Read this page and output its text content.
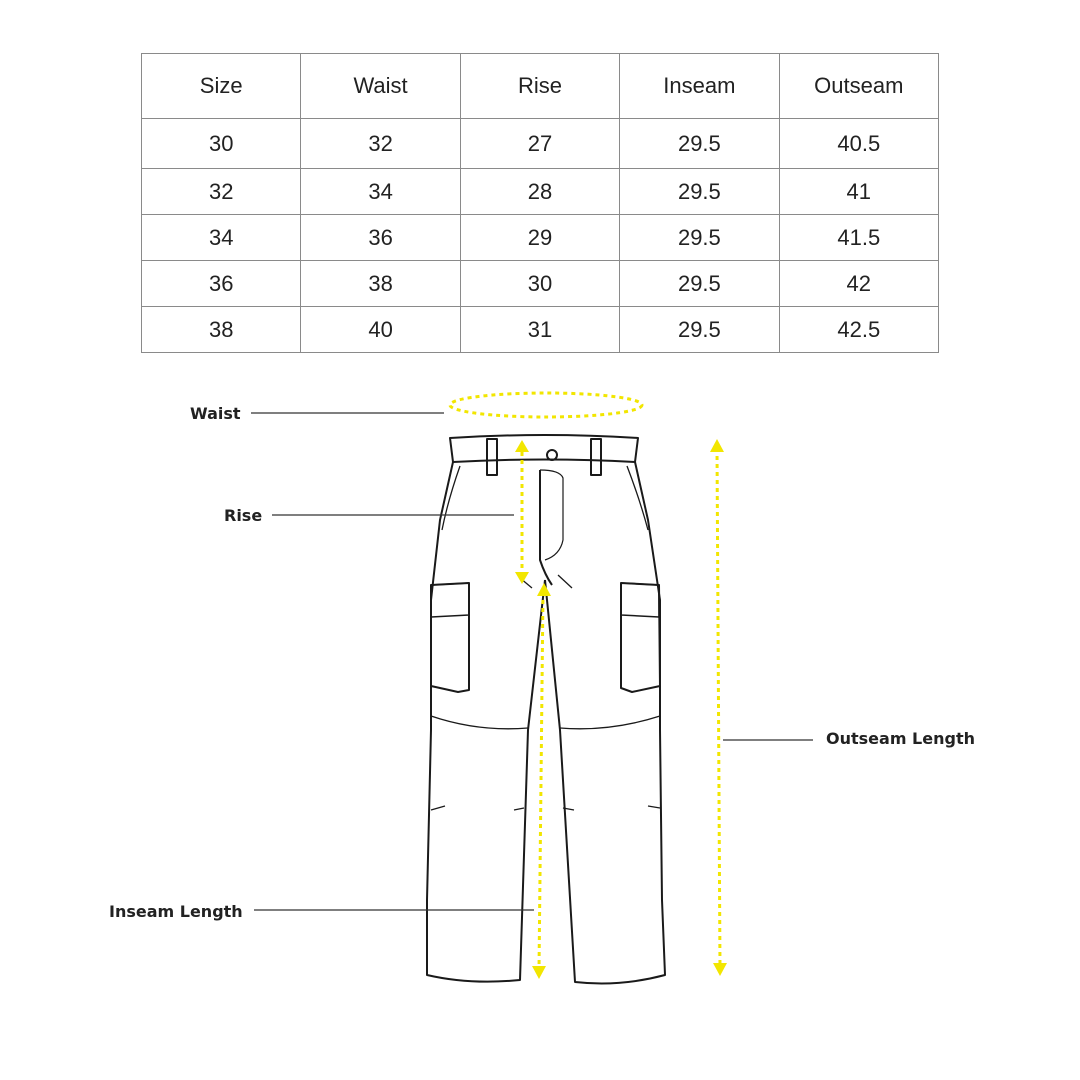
Size	Waist	Rise	Inseam	Outseam
30	32	27	29.5	40.5
32	34	28	29.5	41
34	36	29	29.5	41.5
36	38	30	29.5	42
38	40	31	29.5	42.5
Waist
Rise
Outseam Length
Inseam Length
